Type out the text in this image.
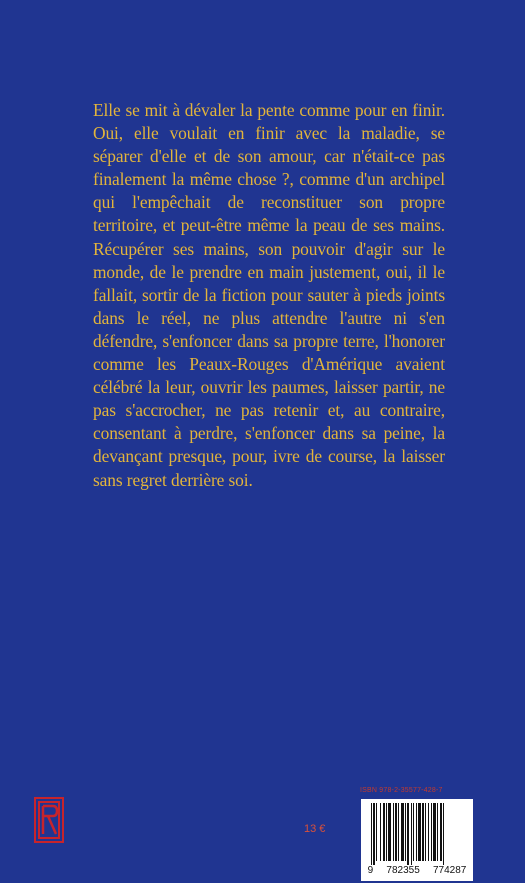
Elle se mit à dévaler la pente comme pour en finir. Oui, elle voulait en finir avec la maladie, se séparer d'elle et de son amour, car n'était-ce pas finalement la même chose ?, comme d'un archipel qui l'empêchait de reconstituer son propre territoire, et peut-être même la peau de ses mains. Récupérer ses mains, son pouvoir d'agir sur le monde, de le prendre en main justement, oui, il le fallait, sortir de la fiction pour sauter à pieds joints dans le réel, ne plus attendre l'autre ni s'en défendre, s'enfoncer dans sa propre terre, l'honorer comme les Peaux-Rouges d'Amérique avaient célébré la leur, ouvrir les paumes, laisser partir, ne pas s'accrocher, ne pas retenir et, au contraire, consentant à perdre, s'enfoncer dans sa peine, la devançant presque, pour, ivre de course, la laisser sans regret derrière soi.

ISBN 978-2-35577-428-7
13 €
9 782355 774287
